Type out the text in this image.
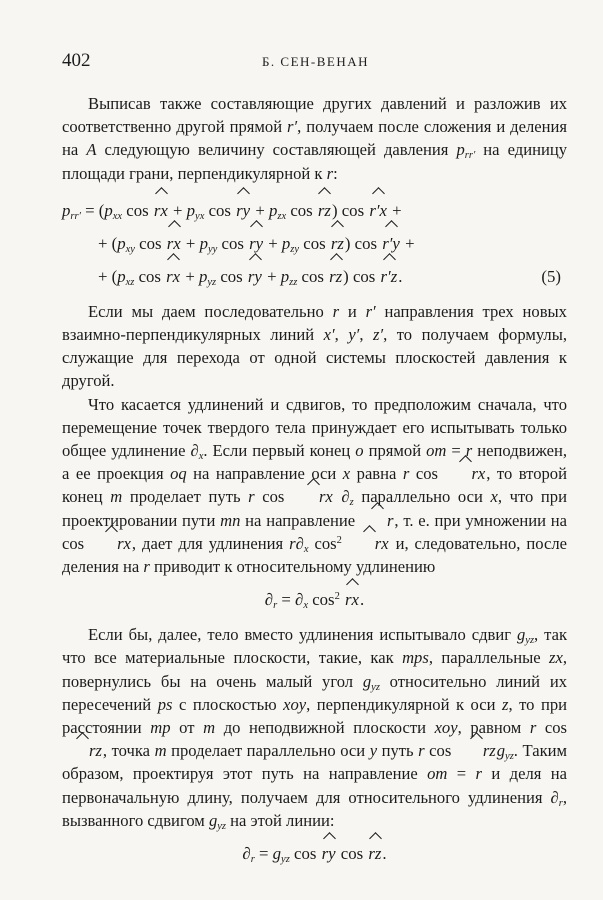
402	Б. СЕН-ВЕНАН

Выписав также составляющие других давлений и разложив их соответственно другой прямой r′, получаем после сложения и деления на A следующую величину составляющей давления $p_{rr'}$ на единицу площади грани, перпендикулярной к r:

$p_{rr'} = (p_{xx}$ cos rx + $p_{yx}$ cos ry + $p_{zx}$ cos rz) cos r′x +
+ ($p_{xy}$ cos rx + $p_{yy}$ cos ry + $p_{zy}$ cos rz) cos r′y +
+ ($p_{xz}$ cos rx + $p_{yz}$ cos ry + $p_{zz}$ cos rz) cos r′z.	(5)

Если мы даем последовательно r и r′ направления трех новых взаимно-перпендикулярных линий x′, y′, z′, то получаем формулы, служащие для перехода от одной системы плоскостей давления к другой.

Что касается удлинений и сдвигов, то предположим сначала, что перемещение точек твердого тела принуждает его испытывать только общее удлинение $\partial_x$. Если первый конец o прямой om = r неподвижен, а ее проекция oq на направление оси x равна r cos rx, то второй конец m проделает путь r cos rx $\partial_z$ параллельно оси x, что при проектировании пути mn на направление r, т. е. при умножении на cos rx, дает для удлинения $r\partial_x$ $\cos^2$ rx и, следовательно, после деления на r приводит к относительному удлинению

$\partial_r = \partial_x$ $\cos^2$ rx.

Если бы, далее, тело вместо удлинения испытывало сдвиг $g_{yz}$, так что все материальные плоскости, такие, как mps, параллельные zx, повернулись бы на очень малый угол $g_{yz}$ относительно линий их пересечений ps с плоскостью xoy, перпендикулярной к оси z, то при расстоянии mp от m до неподвижной плоскости xoy, равном r cos rz, точка m проделает параллельно оси y путь r cos rzg$_{yz}$. Таким образом, проектируя этот путь на направление om = r и деля на первоначальную длину, получаем для относительного удлинения $\partial_r$, вызванного сдвигом $g_{yz}$ на этой линии:

$\partial_r = g_{yz}$ cos ry cos rz.
